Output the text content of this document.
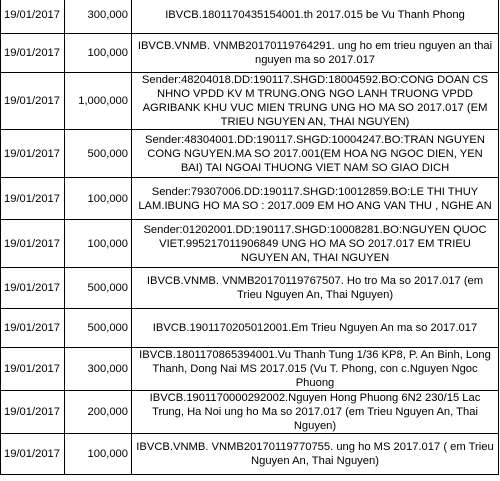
19/01/2017	300,000	IBVCB.1801170435154001.th 2017.015 be Vu Thanh Phong
19/01/2017	100,000	IBVCB.VNMB. VNMB20170119764291. ung ho em trieu nguyen an thai nguyen ma so 2017.017
19/01/2017	1,000,000	Sender:48204018.DD:190117.SHGD:18004592.BO:CONG DOAN CS NHNO VPDD KV M TRUNG.ONG NGO LANH TRUONG VPDD AGRIBANK KHU VUC MIEN TRUNG UNG HO MA SO 2017.017 (EM TRIEU NGUYEN AN, THAI NGUYEN)
19/01/2017	500,000	Sender:48304001.DD:190117.SHGD:10004247.BO:TRAN NGUYEN CONG NGUYEN.MA SO 2017.001(EM HOA NG NGOC DIEN, YEN BAI) TAI NGOAI THUONG VIET NAM SO GIAO DICH
19/01/2017	100,000	Sender:79307006.DD:190117.SHGD:10012859.BO:LE THI THUY LAM.IBUNG HO MA SO : 2017.009 EM HO ANG VAN THU , NGHE AN
19/01/2017	100,000	Sender:01202001.DD:190117.SHGD:10008281.BO:NGUYEN QUOC VIET.995217011906849 UNG HO MA SO 2017.017 EM TRIEU NGUYEN AN, THAI NGUYEN
19/01/2017	500,000	IBVCB.VNMB. VNMB20170119767507. Ho tro Ma so 2017.017 (em Trieu Nguyen An, Thai Nguyen)
19/01/2017	500,000	IBVCB.1901170205012001.Em Trieu Nguyen An ma so 2017.017
19/01/2017	300,000	IBVCB.1801170865394001.Vu Thanh Tung 1/36 KP8, P. An Binh, Long Thanh, Dong Nai MS 2017.015 (Vu T. Phong, con c.Nguyen Ngoc Phuong
19/01/2017	200,000	IBVCB.1901170000292002.Nguyen Hong Phuong 6N2 230/15 Lac Trung, Ha Noi ung ho Ma so 2017.017 (em Trieu Nguyen An, Thai Nguyen)
19/01/2017	100,000	IBVCB.VNMB. VNMB20170119770755. ung ho MS 2017.017 ( em Trieu Nguyen An, Thai Nguyen)
